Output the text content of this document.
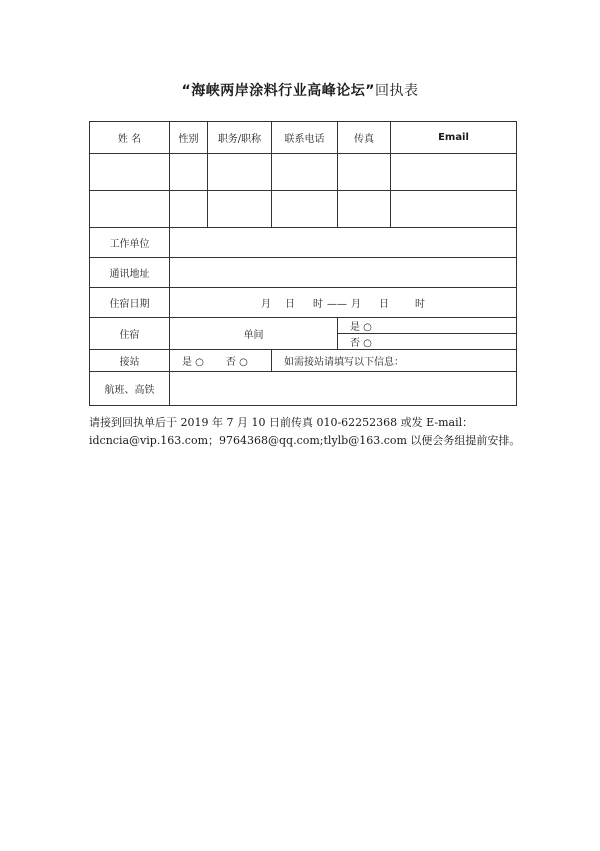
“海峡两岸涂料行业高峰论坛”回执表
姓 名	性别	职务/职称	联系电话	传真	Email

工作单位					
通讯地址					
住宿日期	月 日 时 —— 月 日 时				
住宿	单间			是 ○	
				否 ○	
接站	是 ○ 否 ○		如需接站请填写以下信息：		
航班、高铁					
请接到回执单后于 2019 年 7 月 10 日前传真 010-62252368 或发 E-mail：
idcncia@vip.163.com；9764368@qq.com;tlylb@163.com 以便会务组提前安排。
